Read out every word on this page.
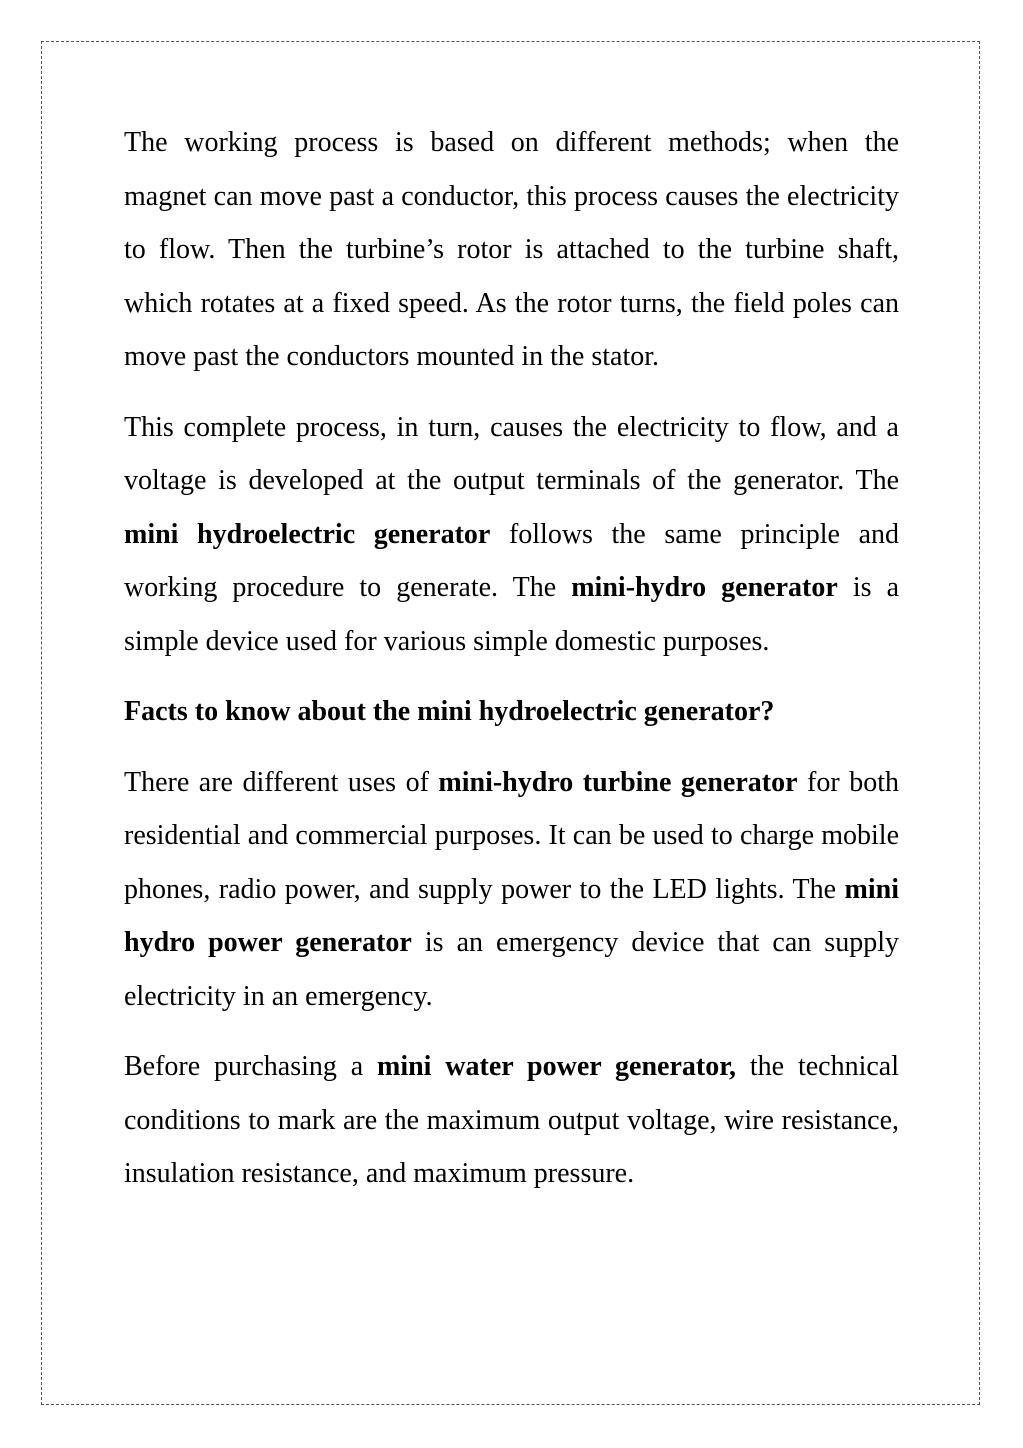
The working process is based on different methods; when the magnet can move past a conductor, this process causes the electricity to flow. Then the turbine’s rotor is attached to the turbine shaft, which rotates at a fixed speed. As the rotor turns, the field poles can move past the conductors mounted in the stator.

This complete process, in turn, causes the electricity to flow, and a voltage is developed at the output terminals of the generator. The mini hydroelectric generator follows the same principle and working procedure to generate. The mini-hydro generator is a simple device used for various simple domestic purposes.

Facts to know about the mini hydroelectric generator?

There are different uses of mini-hydro turbine generator for both residential and commercial purposes. It can be used to charge mobile phones, radio power, and supply power to the LED lights. The mini hydro power generator is an emergency device that can supply electricity in an emergency.

Before purchasing a mini water power generator, the technical conditions to mark are the maximum output voltage, wire resistance, insulation resistance, and maximum pressure.
